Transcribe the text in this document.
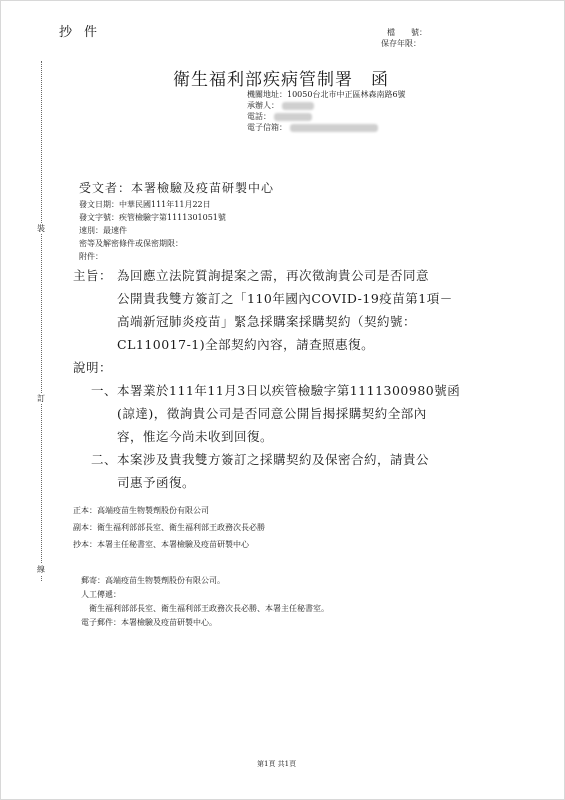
抄件	檔　　號：
保存年限：
衛生福利部疾病管制署　函
機關地址：10050台北市中正區林森南路6號
承辦人：
電話：
電子信箱：
裝
訂
線
受文者：本署檢驗及疫苗研製中心
發文日期：中華民國111年11月22日
發文字號：疾管檢驗字第1111301051號
速別：最速件
密等及解密條件或保密期限：
附件：
主旨： 為回應立法院質詢提案之需，再次徵詢貴公司是否同意
公開貴我雙方簽訂之「110年國內COVID-19疫苗第1項－
高端新冠肺炎疫苗」緊急採購案採購契約（契約號：
CL110017-1)全部契約內容，請查照惠復。
說明：
一、 本署業於111年11月3日以疾管檢驗字第1111300980號函
(諒達)，徵詢貴公司是否同意公開旨揭採購契約全部內
容，惟迄今尚未收到回復。
二、 本案涉及貴我雙方簽訂之採購契約及保密合約，請貴公
司惠予函復。
正本：高端疫苗生物製劑股份有限公司
副本：衛生福利部部長室、衛生福利部王政務次長必勝
抄本：本署主任秘書室、本署檢驗及疫苗研製中心
郵寄：高端疫苗生物製劑股份有限公司。
人工傳遞：
衛生福利部部長室、衛生福利部王政務次長必勝、本署主任秘書室。
電子郵件：本署檢驗及疫苗研製中心。
第1頁 共1頁
